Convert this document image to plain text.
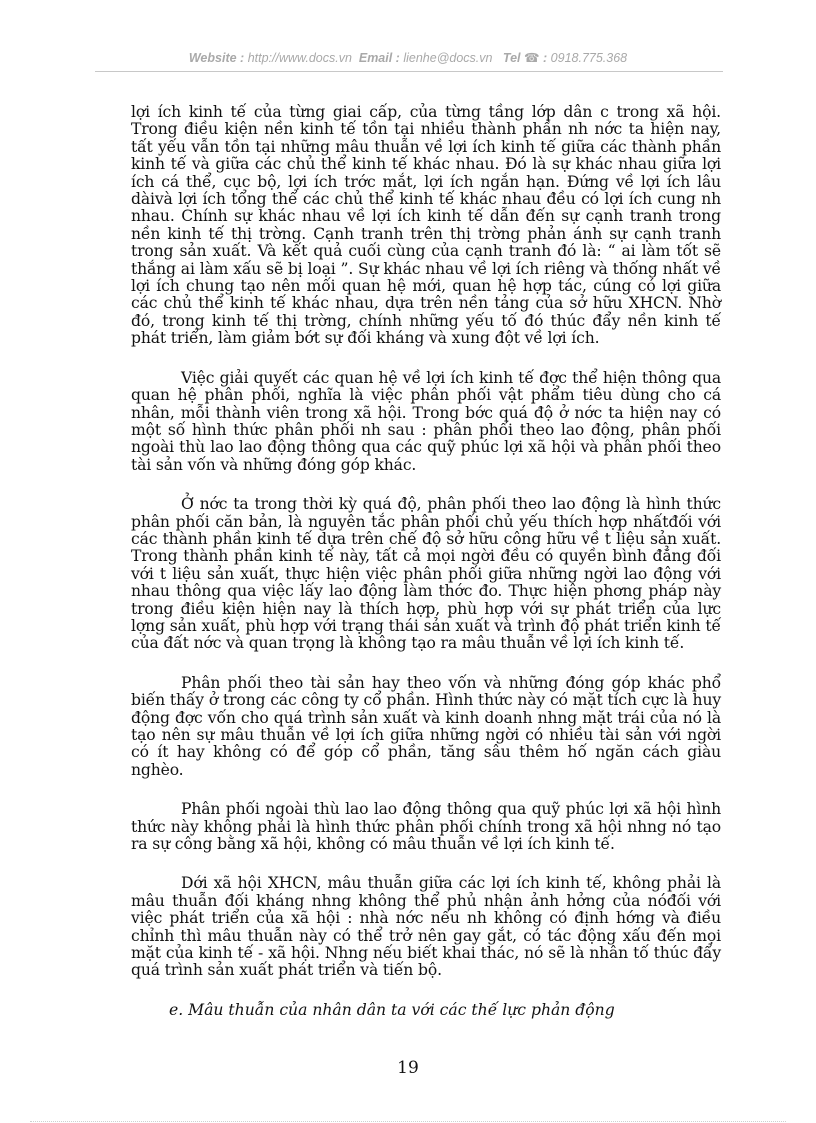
Website : http://www.docs.vn Email : lienhe@docs.vn Tel ☎ : 0918.775.368

lợi ích kinh tế của từng giai cấp, của từng tầng lớp dân c trong xã hội. Trong điều kiện nền kinh tế tồn tại nhiều thành phần nh nớc ta hiện nay, tất yếu vẫn tồn tại những mâu thuẫn về lợi ích kinh tế giữa các thành phần kinh tế và giữa các chủ thể kinh tế khác nhau. Đó là sự khác nhau giữa lợi ích cá thể, cục bộ, lợi ích trớc mắt, lợi ích ngắn hạn. Đứng về lợi ích lâu dàivà lợi ích tổng thể các chủ thể kinh tế khác nhau đều có lợi ích cung nh nhau. Chính sự khác nhau về lợi ích kinh tế dẫn đến sự cạnh tranh trong nền kinh tế thị trờng. Cạnh tranh trên thị trờng phản ánh sự cạnh tranh trong sản xuất. Và kết quả cuối cùng của cạnh tranh đó là: “ ai làm tốt sẽ thắng ai làm xấu sẽ bị loại ”. Sự khác nhau về lợi ích riêng và thống nhất về lợi ích chung tạo nên mối quan hệ mới, quan hệ hợp tác, cúng có lợi giữa các chủ thể kinh tế khác nhau, dựa trên nền tảng của sở hữu XHCN. Nhờ đó, trong kinh tế thị trờng, chính những yếu tố đó thúc đẩy nền kinh tế phát triển, làm giảm bớt sự đối kháng và xung đột về lợi ích.

Việc giải quyết các quan hệ về lợi ích kinh tế đợc thể hiện thông qua quan hệ phân phối, nghĩa là việc phân phối vật phẩm tiêu dùng cho cá nhân, mỗi thành viên trong xã hội. Trong bớc quá độ ở nớc ta hiện nay có một số hình thức phân phối nh sau : phân phối theo lao động, phân phối ngoài thù lao lao động thông qua các quỹ phúc lợi xã hội và phân phối theo tài sản vốn và những đóng góp khác.

Ở nớc ta trong thời kỳ quá độ, phân phối theo lao động là hình thức phân phối căn bản, là nguyên tắc phân phối chủ yếu thích hợp nhấtđối với các thành phần kinh tế dựa trên chế độ sở hữu công hữu về t liệu sản xuất. Trong thành phần kinh tế này, tất cả mọi ngời đều có quyền bình đẳng đối với t liệu sản xuất, thực hiện việc phân phối giữa những ngời lao động với nhau thông qua việc lấy lao động làm thớc đo. Thực hiện phơng pháp này trong điều kiện hiện nay là thích hợp, phù hợp với sự phát triển của lực lợng sản xuất, phù hợp với trạng thái sản xuất và trình độ phát triển kinh tế của đất nớc và quan trọng là không tạo ra mâu thuẫn về lợi ích kinh tế.

Phân phối theo tài sản hay theo vốn và những đóng góp khác phổ biến thấy ở trong các công ty cổ phần. Hình thức này có mặt tích cực là huy động đợc vốn cho quá trình sản xuất và kinh doanh nhng mặt trái của nó là tạo nên sự mâu thuẫn về lợi ích giữa những ngời có nhiều tài sản với ngời có ít hay không có để góp cổ phần, tăng sâu thêm hố ngăn cách giàu nghèo.

Phân phối ngoài thù lao lao động thông qua quỹ phúc lợi xã hội hình thức này không phải là hình thức phân phối chính trong xã hội nhng nó tạo ra sự công bằng xã hội, không có mâu thuẫn về lợi ích kinh tế.

Dới xã hội XHCN, mâu thuẫn giữa các lợi ích kinh tế, không phải là mâu thuẫn đối kháng nhng không thể phủ nhận ảnh hởng của nóđối với việc phát triển của xã hội : nhà nớc nếu nh không có định hớng và điều chỉnh thì mâu thuẫn này có thể trở nên gay gắt, có tác động xấu đến mọi mặt của kinh tế - xã hội. Nhng nếu biết khai thác, nó sẽ là nhân tố thúc đẩy quá trình sản xuất phát triển và tiến bộ.

e. Mâu thuẫn của nhân dân ta với các thế lực phản động

19
